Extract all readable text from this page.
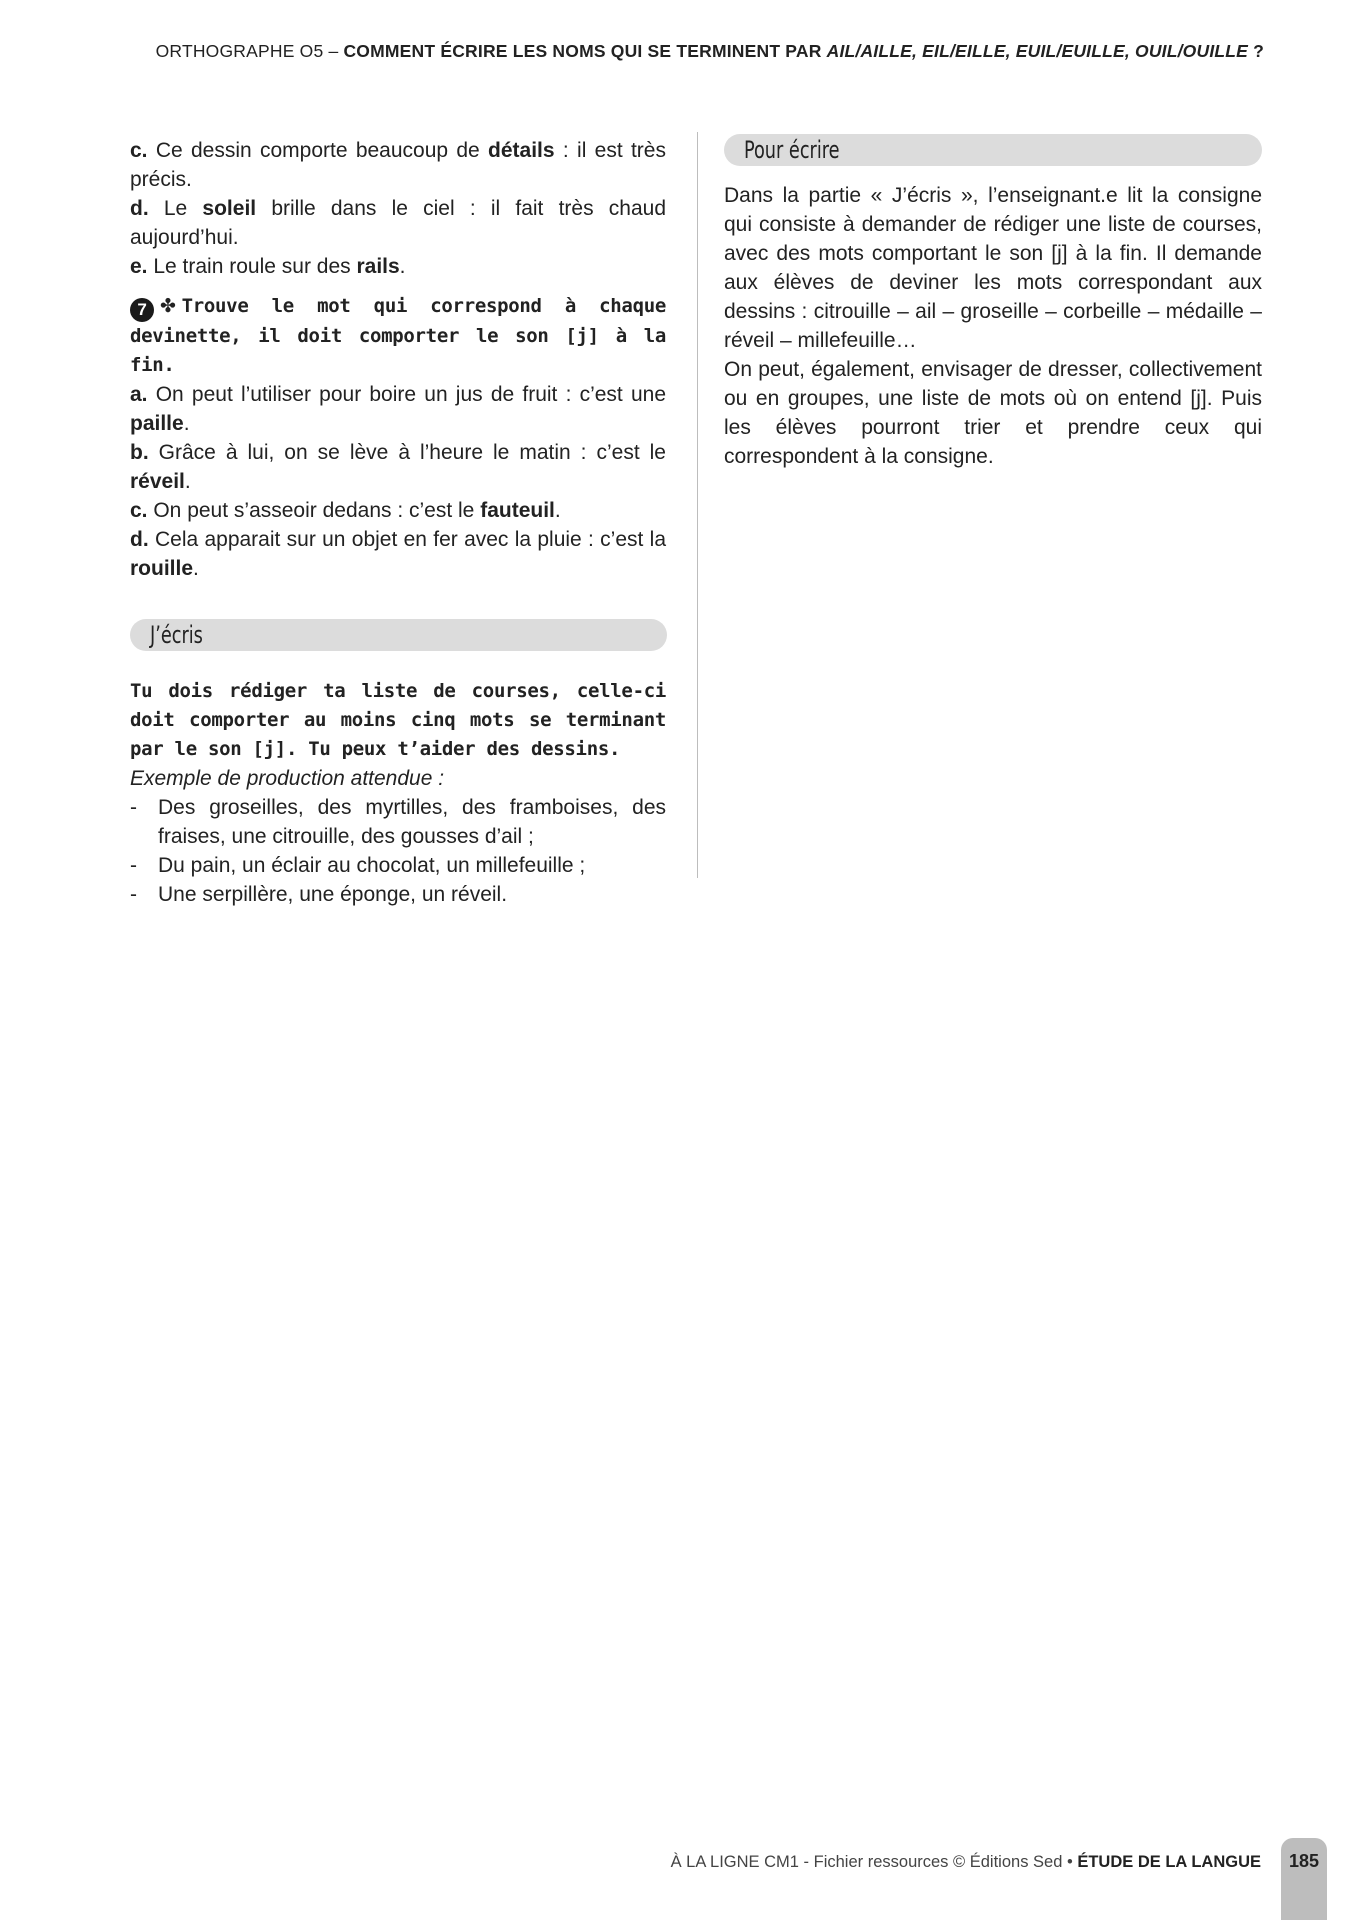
ORTHOGRAPHE O5 – COMMENT ÉCRIRE LES NOMS QUI SE TERMINENT PAR AIL/AILLE, EIL/EILLE, EUIL/EUILLE, OUIL/OUILLE ?

c. Ce dessin comporte beaucoup de détails : il est très précis.

d. Le soleil brille dans le ciel : il fait très chaud aujourd’hui.

e. Le train roule sur des rails.

7 ✤ Trouve le mot qui correspond à chaque devinette, il doit comporter le son [j] à la fin.

a. On peut l’utiliser pour boire un jus de fruit : c’est une paille.

b. Grâce à lui, on se lève à l’heure le matin : c’est le réveil.

c. On peut s’asseoir dedans : c’est le fauteuil.

d. Cela apparait sur un objet en fer avec la pluie : c’est la rouille.

J’écris

Tu dois rédiger ta liste de courses, celle-ci doit comporter au moins cinq mots se terminant par le son [j]. Tu peux t’aider des dessins.

Exemple de production attendue :

-	Des groseilles, des myrtilles, des framboises, des fraises, une citrouille, des gousses d’ail ;

-	Du pain, un éclair au chocolat, un millefeuille ;

-	Une serpillère, une éponge, un réveil.

Pour écrire

Dans la partie « J’écris », l’enseignant.e lit la consigne qui consiste à demander de rédiger une liste de courses, avec des mots comportant le son [j] à la fin. Il demande aux élèves de deviner les mots correspondant aux dessins : citrouille – ail – groseille – corbeille – médaille – réveil – millefeuille…

On peut, également, envisager de dresser, collectivement ou en groupes, une liste de mots où on entend [j]. Puis les élèves pourront trier et prendre ceux qui correspondent à la consigne.

À LA LIGNE CM1 - Fichier ressources © Éditions Sed • ÉTUDE DE LA LANGUE	185
